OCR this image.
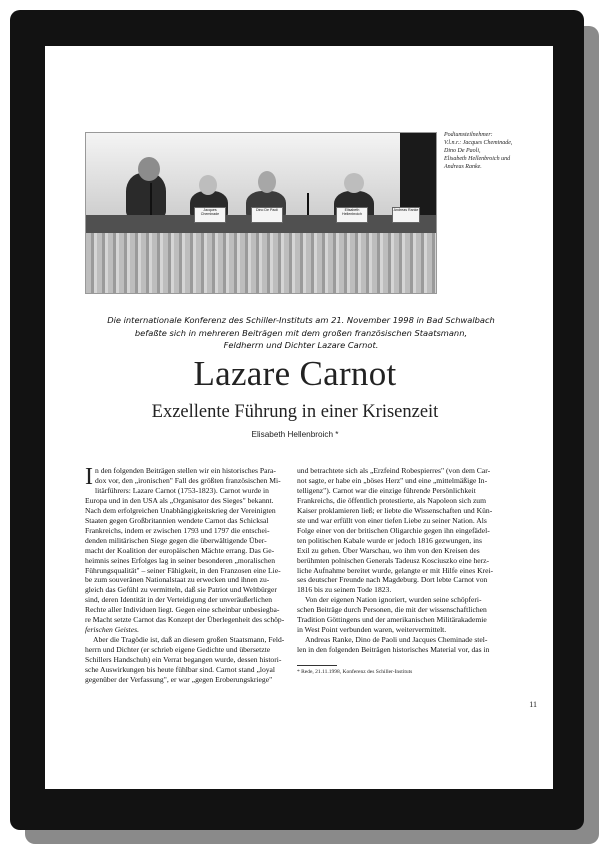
Jacques Cheminade
Dino De Paoli	Elisabeth Hellenbroich
Andreas Ranke
Podiumsteilnehmer:
V.l.n.r.: Jacques Cheminade,
Dino De Paoli,
Elisabeth Hellenbroich und
Andreas Ranke.
Die internationale Konferenz des Schiller-Instituts am 21. November 1998 in Bad Schwalbach
befaßte sich in mehreren Beiträgen mit dem großen französischen Staatsmann,
Feldherrn und Dichter Lazare Carnot.
Lazare Carnot
Exzellente Führung in einer Krisenzeit
Elisabeth Hellenbroich *

I n den folgenden Beiträgen stellen wir ein historisches Para-
dox vor, den „ironischen" Fall des größten französischen Mi-
litärführers: Lazare Carnot (1753-1823). Carnot wurde in
Europa und in den USA als „Organisator des Sieges" bekannt.
Nach dem erfolgreichen Unabhängigkeitskrieg der Vereinigten
Staaten gegen Großbritannien wendete Carnot das Schicksal
Frankreichs, indem er zwischen 1793 und 1797 die entschei-
denden militärischen Siege gegen die überwältigende Über-
macht der Koalition der europäischen Mächte errang. Das Ge-
heimnis seines Erfolges lag in seiner besonderen „moralischen
Führungsqualität" – seiner Fähigkeit, in den Franzosen eine Lie-
be zum souveränen Nationalstaat zu erwecken und ihnen zu-
gleich das Gefühl zu vermitteln, daß sie Patriot und Weltbürger
sind, deren Identität in der Verteidigung der unveräußerlichen
Rechte aller Individuen liegt. Gegen eine scheinbar unbesiegba-
re Macht setzte Carnot das Konzept der Überlegenheit des schöp-
ferischen Geistes.

Aber die Tragödie ist, daß an diesem großen Staatsmann, Feld-
herrn und Dichter (er schrieb eigene Gedichte und übersetzte
Schillers Handschuh) ein Verrat begangen wurde, dessen histori-
sche Auswirkungen bis heute fühlbar sind. Carnot stand „loyal
gegenüber der Verfassung", er war „gegen Eroberungskriege"

und betrachtete sich als „Erzfeind Robespierres" (von dem Car-
not sagte, er habe ein „böses Herz" und eine „mittelmäßige In-
telligenz"). Carnot war die einzige führende Persönlichkeit
Frankreichs, die öffentlich protestierte, als Napoleon sich zum
Kaiser proklamieren ließ; er liebte die Wissenschaften und Kün-
ste und war erfüllt von einer tiefen Liebe zu seiner Nation. Als
Folge einer von der britischen Oligarchie gegen ihn eingefädel-
ten politischen Kabale wurde er jedoch 1816 gezwungen, ins
Exil zu gehen. Über Warschau, wo ihm von den Kreisen des
berühmten polnischen Generals Tadeusz Kosciuszko eine herz-
liche Aufnahme bereitet wurde, gelangte er mit Hilfe eines Krei-
ses deutscher Freunde nach Magdeburg. Dort lebte Carnot von
1816 bis zu seinem Tode 1823.

Von der eigenen Nation ignoriert, wurden seine schöpferi-
schen Beiträge durch Personen, die mit der wissenschaftlichen
Tradition Göttingens und der amerikanischen Militärakademie
in West Point verbunden waren, weitervermittelt.

Andreas Ranke, Dino de Paoli und Jacques Cheminade stel-
len in den folgenden Beiträgen historisches Material vor, das in

* Rede, 21.11.1998, Konferenz des Schiller-Instituts
11
